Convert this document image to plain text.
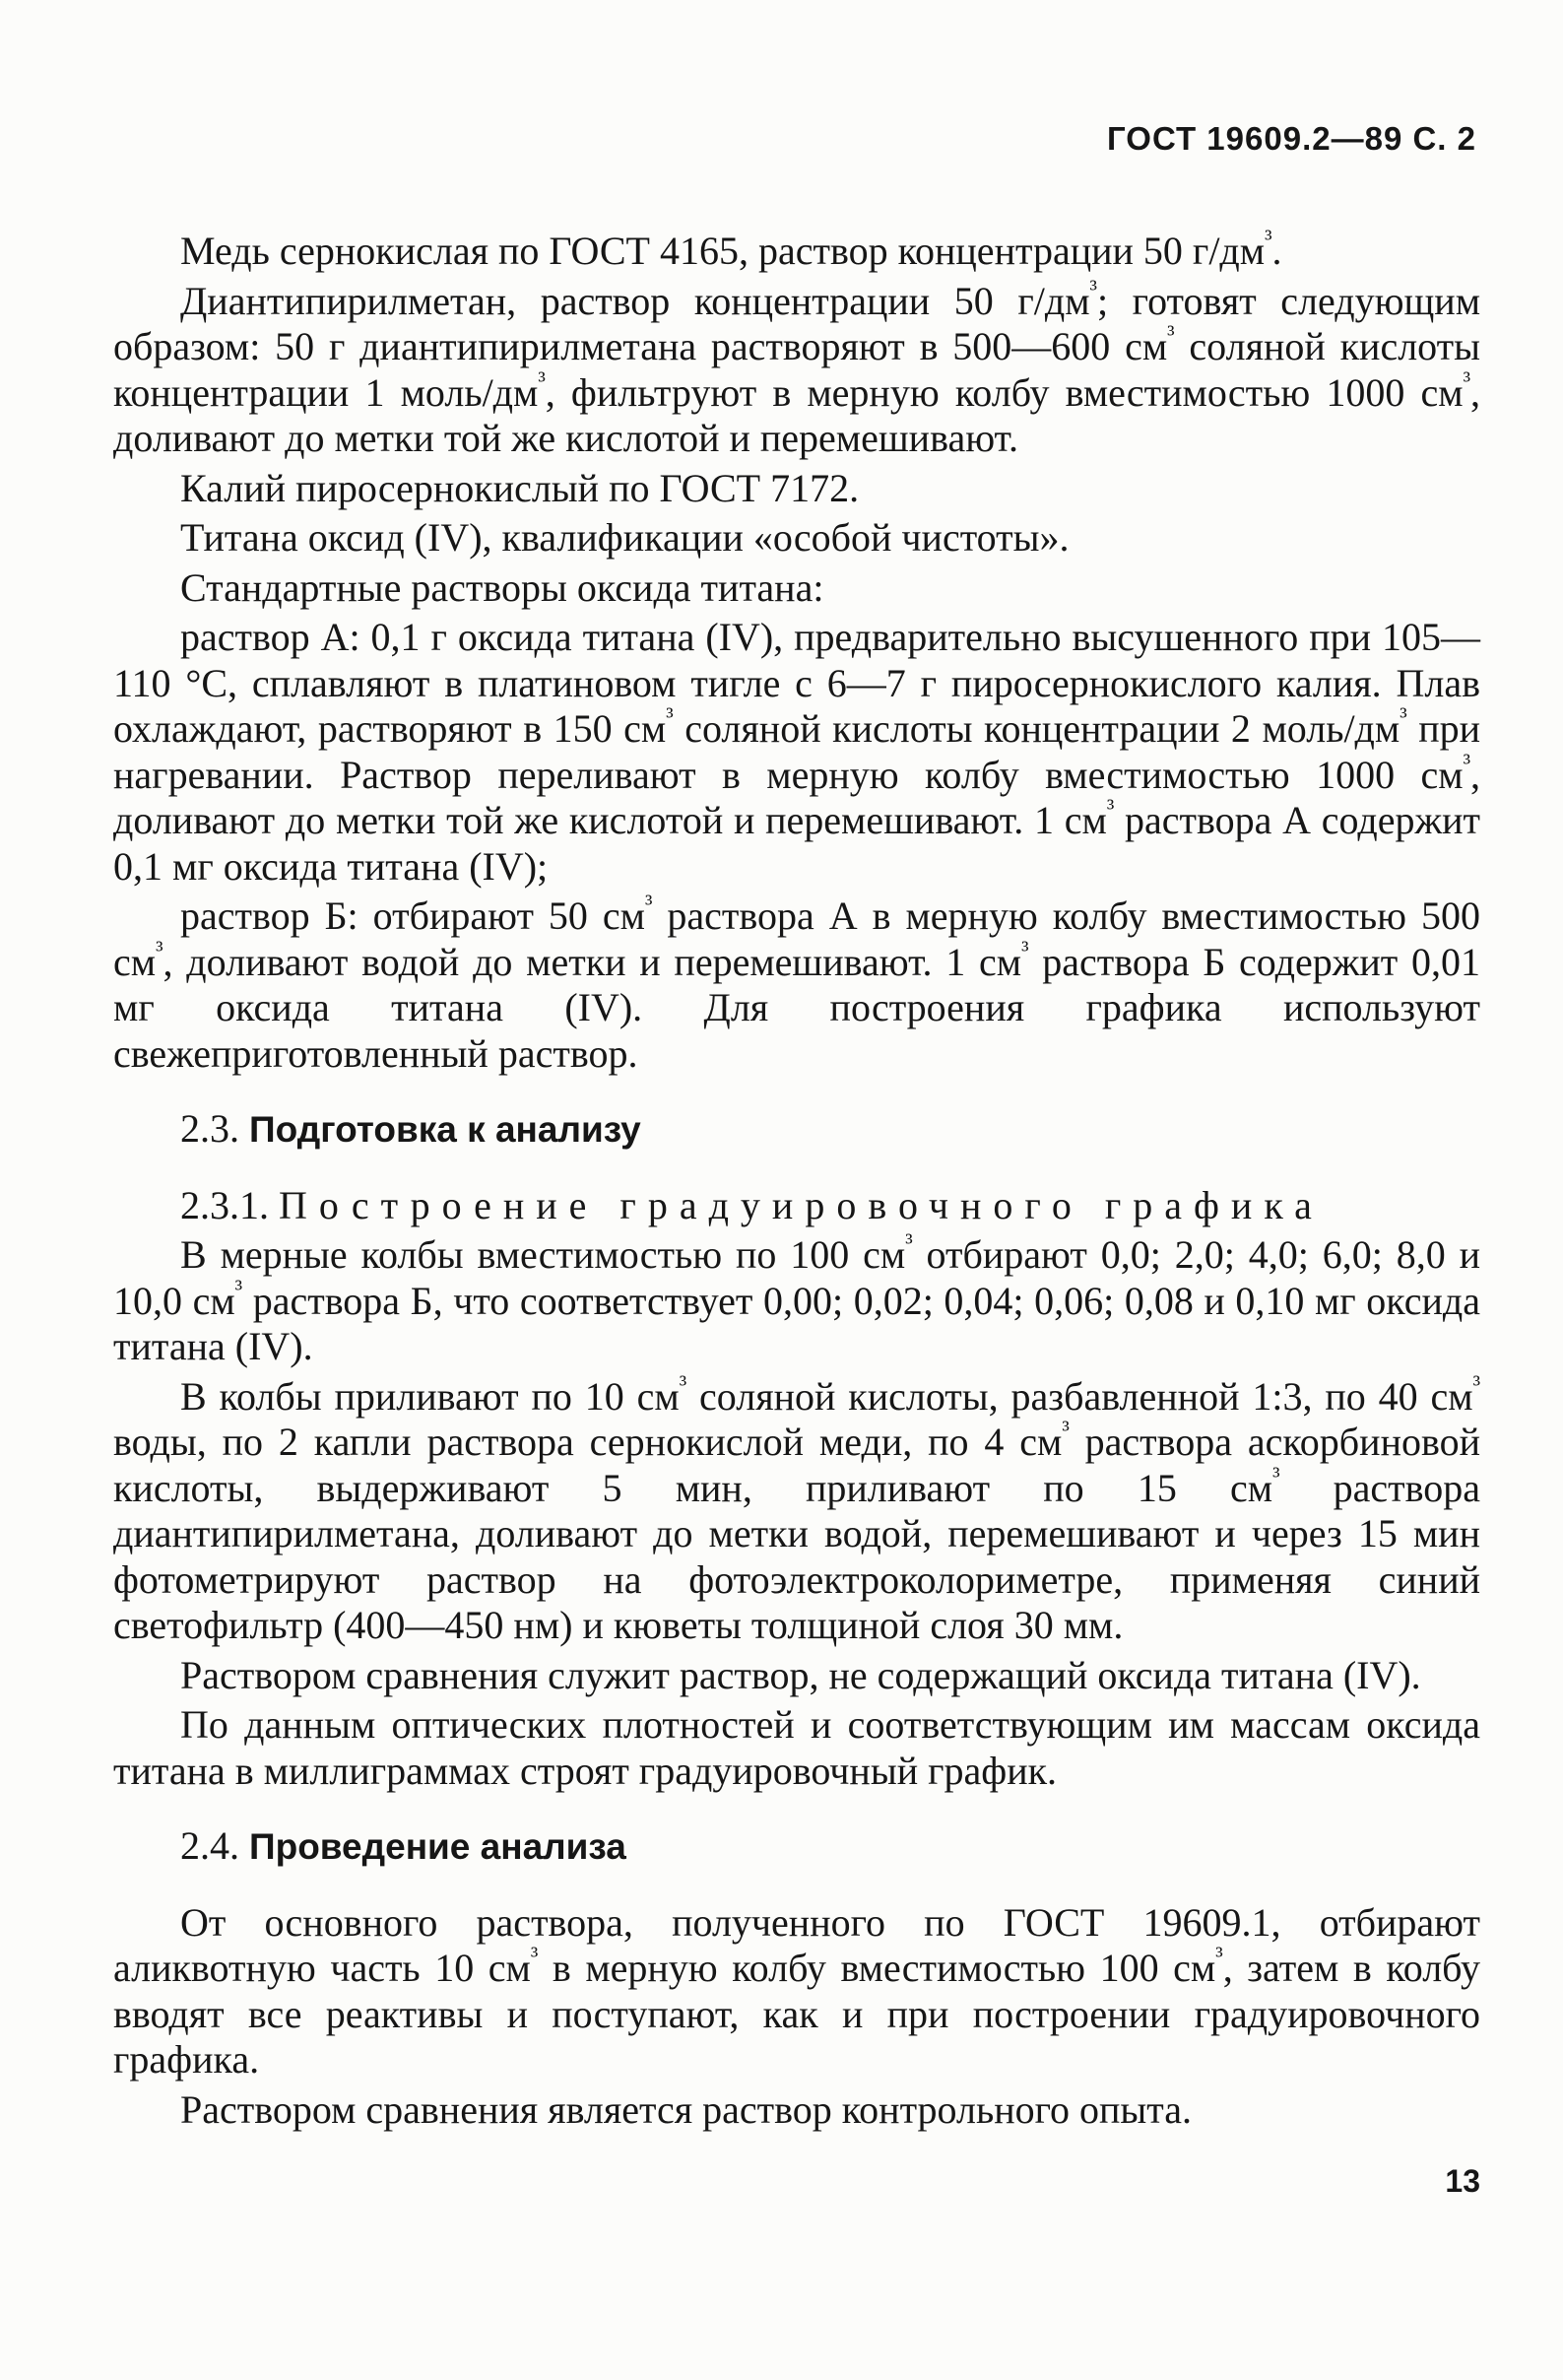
ГОСТ 19609.2—89 С. 2

Медь сернокислая по ГОСТ 4165, раствор концентрации 50 $г/дм^{^3}$.

Диантипирилметан, раствор концентрации 50 $г/дм^{^3}$; готовят следующим образом: 50 г диантипирилметана растворяют в 500—600 $см^{^3}$ соляной кислоты концентрации 1 моль/$дм^{^3}$, фильтруют в мерную колбу вместимостью 1000 $см^{^3}$, доливают до метки той же кислотой и перемешивают.

Калий пиросернокислый по ГОСТ 7172.

Титана оксид (IV), квалификации «особой чистоты».

Стандартные растворы оксида титана:

раствор А: 0,1 г оксида титана (IV), предварительно высушенного при 105—110 °С, сплавляют в платиновом тигле с 6—7 г пиросернокислого калия. Плав охлаждают, растворяют в 150 $см^{^3}$ соляной кислоты концентрации 2 моль/$дм^{^3}$ при нагревании. Раствор переливают в мерную колбу вместимостью 1000 $см^{^3}$, доливают до метки той же кислотой и перемешивают. 1 $см^{^3}$ раствора А содержит 0,1 мг оксида титана (IV);

раствор Б: отбирают 50 $см^{^3}$ раствора А в мерную колбу вместимостью 500 $см^{^3}$, доливают водой до метки и перемешивают. 1 $см^{^3}$ раствора Б содержит 0,01 мг оксида титана (IV). Для построения графика используют свежеприготовленный раствор.

2.3. Подготовка к анализу
2.3.1. Построение градуировочного графика

В мерные колбы вместимостью по 100 $см^{^3}$ отбирают 0,0; 2,0; 4,0; 6,0; 8,0 и 10,0 $см^{^3}$ раствора Б, что соответствует 0,00; 0,02; 0,04; 0,06; 0,08 и 0,10 мг оксида титана (IV).

В колбы приливают по 10 $см^{^3}$ соляной кислоты, разбавленной 1:3, по 40 $см^{^3}$ воды, по 2 капли раствора сернокислой меди, по 4 $см^{^3}$ раствора аскорбиновой кислоты, выдерживают 5 мин, приливают по 15 $см^{^3}$ раствора диантипирилметана, доливают до метки водой, перемешивают и через 15 мин фотометрируют раствор на фотоэлектроколориметре, применяя синий светофильтр (400—450 нм) и кюветы толщиной слоя 30 мм.

Раствором сравнения служит раствор, не содержащий оксида титана (IV).

По данным оптических плотностей и соответствующим им массам оксида титана в миллиграммах строят градуировочный график.

2.4. Проведение анализа

От основного раствора, полученного по ГОСТ 19609.1, отбирают аликвотную часть 10 $см^{^3}$ в мерную колбу вместимостью 100 $см^{^3}$, затем в колбу вводят все реактивы и поступают, как и при построении градуировочного графика.

Раствором сравнения является раствор контрольного опыта.

13
